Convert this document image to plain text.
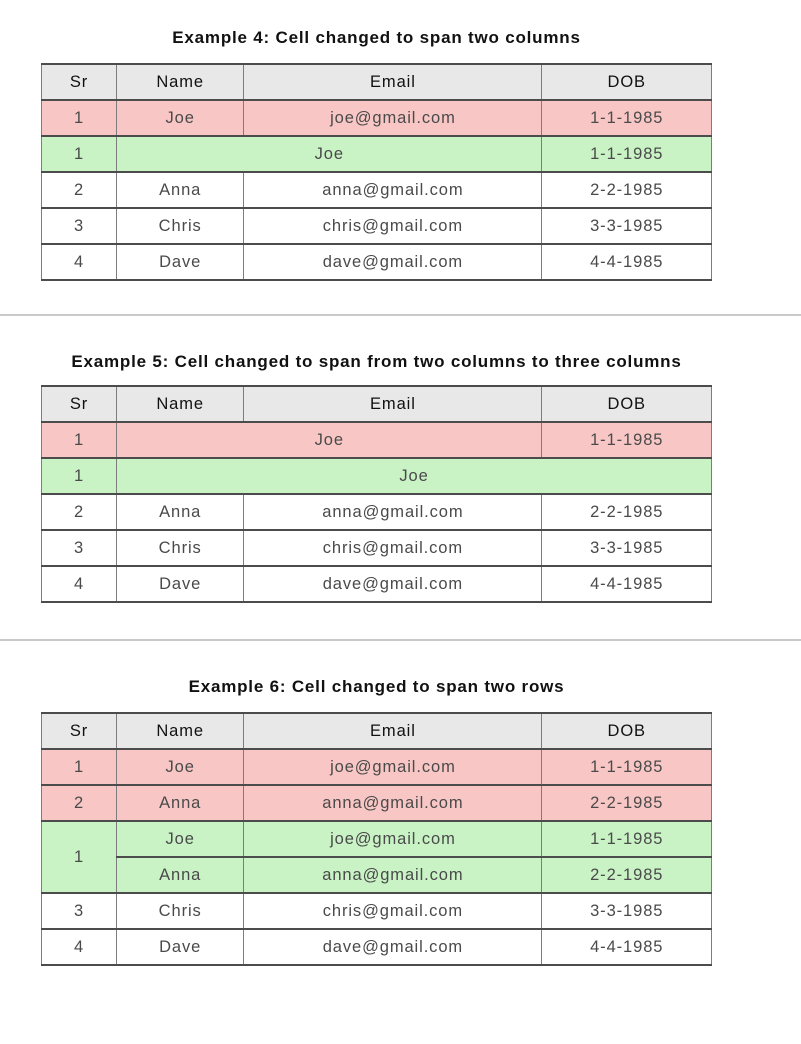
Example 4: Cell changed to span two columns
Sr	Name	Email	DOB
1	Joe	joe@gmail.com	1-1-1985
1	Joe		1-1-1985
2	Anna	anna@gmail.com	2-2-1985
3	Chris	chris@gmail.com	3-3-1985
4	Dave	dave@gmail.com	4-4-1985
Example 5: Cell changed to span from two columns to three columns
Sr	Name	Email	DOB
1	Joe		1-1-1985
1	Joe		
2	Anna	anna@gmail.com	2-2-1985
3	Chris	chris@gmail.com	3-3-1985
4	Dave	dave@gmail.com	4-4-1985
Example 6: Cell changed to span two rows
Sr	Name	Email	DOB
1	Joe	joe@gmail.com	1-1-1985
2	Anna	anna@gmail.com	2-2-1985
1	Joe	joe@gmail.com	1-1-1985
	Anna	anna@gmail.com	2-2-1985
3	Chris	chris@gmail.com	3-3-1985
4	Dave	dave@gmail.com	4-4-1985
